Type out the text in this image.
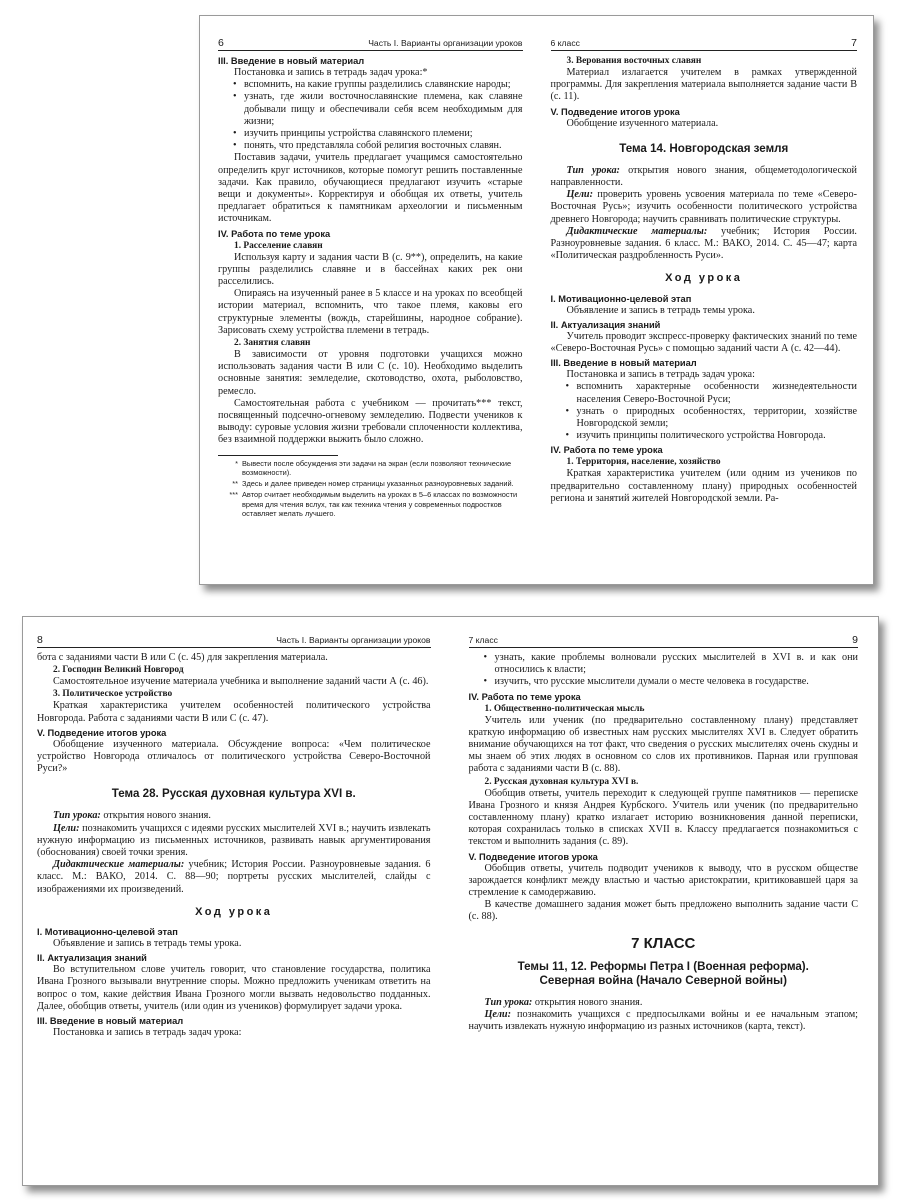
6	Часть I. Варианты организации уроков
III. Введение в новый материал

Постановка и запись в тетрадь задач урока:*

• вспомнить, на какие группы разделились славянские народы;
• узнать, где жили восточнославянские племена, как славяне добывали пищу и обеспечивали себя всем необходимым для жизни;
• изучить принципы устройства славянского племени;
• понять, что представляла собой религия восточных славян.

Поставив задачи, учитель предлагает учащимся самостоятельно определить круг источников, которые помогут решить поставленные задачи. Как правило, обучающиеся предлагают изучить «старые вещи и документы». Корректируя и обобщая их ответы, учитель предлагает обратиться к памятникам археологии и письменным источникам.

IV. Работа по теме урока
1. Расселение славян

Используя карту и задания части В (с. 9**), определить, на какие группы разделились славяне и в бассейнах каких рек они расселились.

Опираясь на изученный ранее в 5 классе и на уроках по всеобщей истории материал, вспомнить, что такое племя, каковы его структурные элементы (вождь, старейшины, народное собрание). Зарисовать схему устройства племени в тетрадь.

2. Занятия славян

В зависимости от уровня подготовки учащихся можно использовать задания части В или С (с. 10). Необходимо выделить основные занятия: земледелие, скотоводство, охота, рыболовство, ремесло.

Самостоятельная работа с учебником — прочитать*** текст, посвященный подсечно-огневому земледелию. Подвести учеников к выводу: суровые условия жизни требовали сплоченности коллектива, без взаимной поддержки выжить было сложно.

* Вывести после обсуждения эти задачи на экран (если позволяют технические возможности).
** Здесь и далее приведен номер страницы указанных разноуровневых заданий.
*** Автор считает необходимым выделить на уроках в 5–6 классах по возможности время для чтения вслух, так как техника чтения у современных подростков оставляет желать лучшего.
6 класс	7
3. Верования восточных славян

Материал излагается учителем в рамках утвержденной программы. Для закрепления материала выполняется задание части В (с. 11).

V. Подведение итогов урока

Обобщение изученного материала.

Тема 14. Новгородская земля

Тип урока: открытия нового знания, общеметодологической направленности.

Цели: проверить уровень усвоения материала по теме «Северо-Восточная Русь»; изучить особенности политического устройства древнего Новгорода; научить сравнивать политические структуры.

Дидактические материалы: учебник; История России. Разноуровневые задания. 6 класс. М.: ВАКО, 2014. С. 45—47; карта «Политическая раздробленность Руси».

Ход урока
I. Мотивационно-целевой этап

Объявление и запись в тетрадь темы урока.

II. Актуализация знаний

Учитель проводит экспресс-проверку фактических знаний по теме «Северо-Восточная Русь» с помощью заданий части А (с. 42—44).

III. Введение в новый материал

Постановка и запись в тетрадь задач урока:

• вспомнить характерные особенности жизнедеятельности населения Северо-Восточной Руси;
• узнать о природных особенностях, территории, хозяйстве Новгородской земли;
• изучить принципы политического устройства Новгорода.
IV. Работа по теме урока
1. Территория, население, хозяйство

Краткая характеристика учителем (или одним из учеников по предварительно составленному плану) природных особенностей региона и занятий жителей Новгородской земли. Ра-

8	Часть I. Варианты организации уроков

бота с заданиями части В или С (с. 45) для закрепления материала.

2. Господин Великий Новгород

Самостоятельное изучение материала учебника и выполнение заданий части А (с. 46).

3. Политическое устройство

Краткая характеристика учителем особенностей политического устройства Новгорода. Работа с заданиями части В или С (с. 47).

V. Подведение итогов урока

Обобщение изученного материала. Обсуждение вопроса: «Чем политическое устройство Новгорода отличалось от политического устройства Северо-Восточной Руси?»

Тема 28. Русская духовная культура XVI в.

Тип урока: открытия нового знания.

Цели: познакомить учащихся с идеями русских мыслителей XVI в.; научить извлекать нужную информацию из письменных источников, развивать навык аргументирования (обоснования) своей точки зрения.

Дидактические материалы: учебник; История России. Разноуровневые задания. 6 класс. М.: ВАКО, 2014. С. 88—90; портреты русских мыслителей, слайды с изображениями их произведений.

Ход урока
I. Мотивационно-целевой этап

Объявление и запись в тетрадь темы урока.

II. Актуализация знаний

Во вступительном слове учитель говорит, что становление государства, политика Ивана Грозного вызывали внутренние споры. Можно предложить ученикам ответить на вопрос о том, какие действия Ивана Грозного могли вызвать недовольство подданных. Далее, обобщив ответы, учитель (или один из учеников) формулирует задачи урока.

III. Введение в новый материал

Постановка и запись в тетрадь задач урока:

7 класс	9
• узнать, какие проблемы волновали русских мыслителей в XVI в. и как они относились к власти;
• изучить, что русские мыслители думали о месте человека в государстве.
IV. Работа по теме урока
1. Общественно-политическая мысль

Учитель или ученик (по предварительно составленному плану) представляет краткую информацию об известных нам русских мыслителях XVI в. Следует обратить внимание обучающихся на тот факт, что сведения о русских мыслителях очень скудны и мы знаем об этих людях в основном со слов их противников. Парная или групповая работа с заданиями части В (с. 88).

2. Русская духовная культура XVI в.

Обобщив ответы, учитель переходит к следующей группе памятников — переписке Ивана Грозного и князя Андрея Курбского. Учитель или ученик (по предварительно составленному плану) кратко излагает историю возникновения данной переписки, которая сохранилась только в списках XVII в. Классу предлагается познакомиться с текстом и выполнить задания (с. 89).

V. Подведение итогов урока

Обобщив ответы, учитель подводит учеников к выводу, что в русском обществе зарождается конфликт между властью и частью аристократии, критиковавшей царя за стремление к самодержавию.

В качестве домашнего задания может быть предложено выполнить задание части С (с. 88).

7 КЛАСС
Темы 11, 12. Реформы Петра I (Военная реформа).
Северная война (Начало Северной войны)

Тип урока: открытия нового знания.

Цели: познакомить учащихся с предпосылками войны и ее начальным этапом; научить извлекать нужную информацию из разных источников (карта, текст).
